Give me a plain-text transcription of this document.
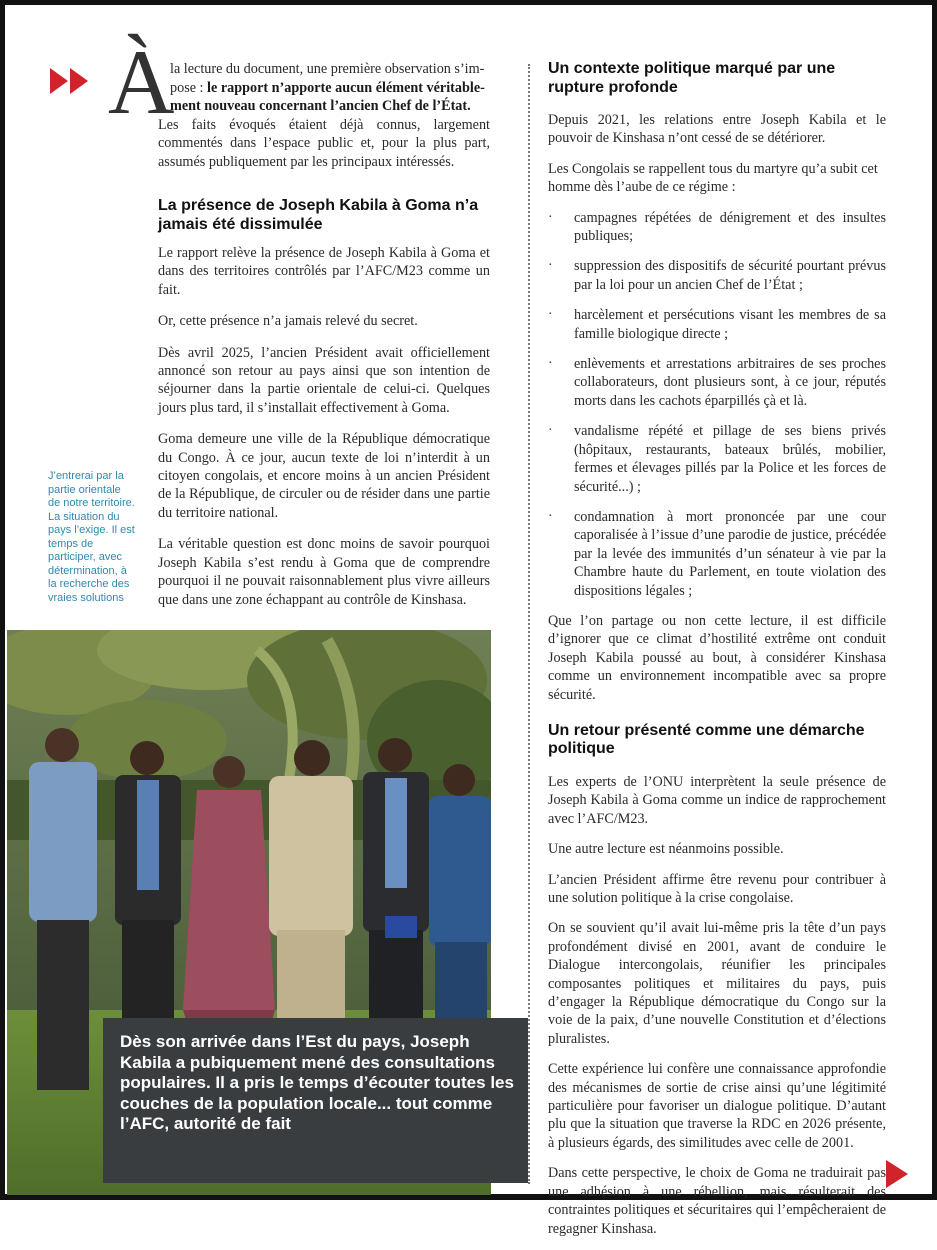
À
la lecture du document, une première observation s’im-
pose : le rapport n’apporte aucun élément véritable-
ment nouveau concernant l’ancien Chef de l’État.
Les faits évoqués étaient déjà connus, largement commentés dans l’espace public et, pour la plus part, assumés publiquement par les principaux intéressés.
La présence de Joseph Kabila à Goma n’a jamais été dissimulée

Le rapport relève la présence de Joseph Kabila à Goma et dans des territoires contrôlés par l’AFC/M23 comme un fait.

Or, cette présence n’a jamais relevé du secret.

Dès avril 2025, l’ancien Président avait officiellement annoncé son retour au pays ainsi que son intention de séjourner dans la partie orientale de celui-ci. Quelques jours plus tard, il s’installait effectivement à Goma.

Goma demeure une ville de la République démocratique du Congo. À ce jour, aucun texte de loi n’interdit à un citoyen congolais, et encore moins à un ancien Président de la République, de circuler ou de résider dans une partie du territoire national.

La véritable question est donc moins de savoir pourquoi Joseph Kabila s’est rendu à Goma que de comprendre pourquoi il ne pouvait raisonnablement plus vivre ailleurs que dans une zone échappant au contrôle de Kinshasa.

J’entrerai par la partie orientale de notre territoire. La situation du pays l’exige. Il est temps de participer, avec détermination, à la recherche des vraies solutions
Dès son arrivée dans l’Est du pays, Joseph Kabila a pubiquement mené des consultations populaires. Il a pris le temps d’écouter toutes les couches de la population locale... tout comme l’AFC, autorité de fait
Un contexte politique marqué par une rupture profonde

Depuis 2021, les relations entre Joseph Kabila et le pouvoir de Kinshasa n’ont cessé de se détériorer.

Les Congolais se rappellent tous du martyre qu’a subit cet homme dès l’aube de ce régime :

· campagnes répétées de dénigrement et des insultes publiques;
· suppression des dispositifs de sécurité pourtant prévus par la loi pour un ancien Chef de l’État ;
· harcèlement et persécutions visant les membres de sa famille biologique directe ;
· enlèvements et arrestations arbitraires de ses proches collaborateurs, dont plusieurs sont, à ce jour, réputés morts dans les cachots éparpillés çà et là.
· vandalisme répété et pillage de ses biens privés (hôpitaux, restaurants, bateaux brûlés, mobilier, fermes et élevages pillés par la Police et les forces de sécurité...) ;
· condamnation à mort prononcée par une cour caporalisée à l’issue d’une parodie de justice, précédée par la levée des immunités d’un sénateur à vie par la Chambre haute du Parlement, en toute violation des dispositions légales ;

Que l’on partage ou non cette lecture, il est difficile d’ignorer que ce climat d’hostilité extrême ont conduit Joseph Kabila poussé au bout, à considérer Kinshasa comme un environnement incompatible avec sa propre sécurité.

Un retour présenté comme une démarche politique

Les experts de l’ONU interprètent la seule présence de Joseph Kabila à Goma comme un indice de rapprochement avec l’AFC/M23.

Une autre lecture est néanmoins possible.

L’ancien Président affirme être revenu pour contribuer à une solution politique à la crise congolaise.

On se souvient qu’il avait lui-même pris la tête d’un pays profondément divisé en 2001, avant de conduire le Dialogue intercongolais, réunifier les principales composantes politiques et militaires du pays, puis d’engager la République démocratique du Congo sur la voie de la paix, d’une nouvelle Constitution et d’élections pluralistes.

Cette expérience lui confère une connaissance approfondie des mécanismes de sortie de crise ainsi qu’une légitimité particulière pour favoriser un dialogue politique. D’autant plu que la situation que traverse la RDC en 2026 présente, à plusieurs égards, des similitudes avec celle de 2001.

Dans cette perspective, le choix de Goma ne traduirait pas une adhésion à une rébellion, mais résulterait des contraintes politiques et sécuritaires qui l’empêcheraient de regagner Kinshasa.
